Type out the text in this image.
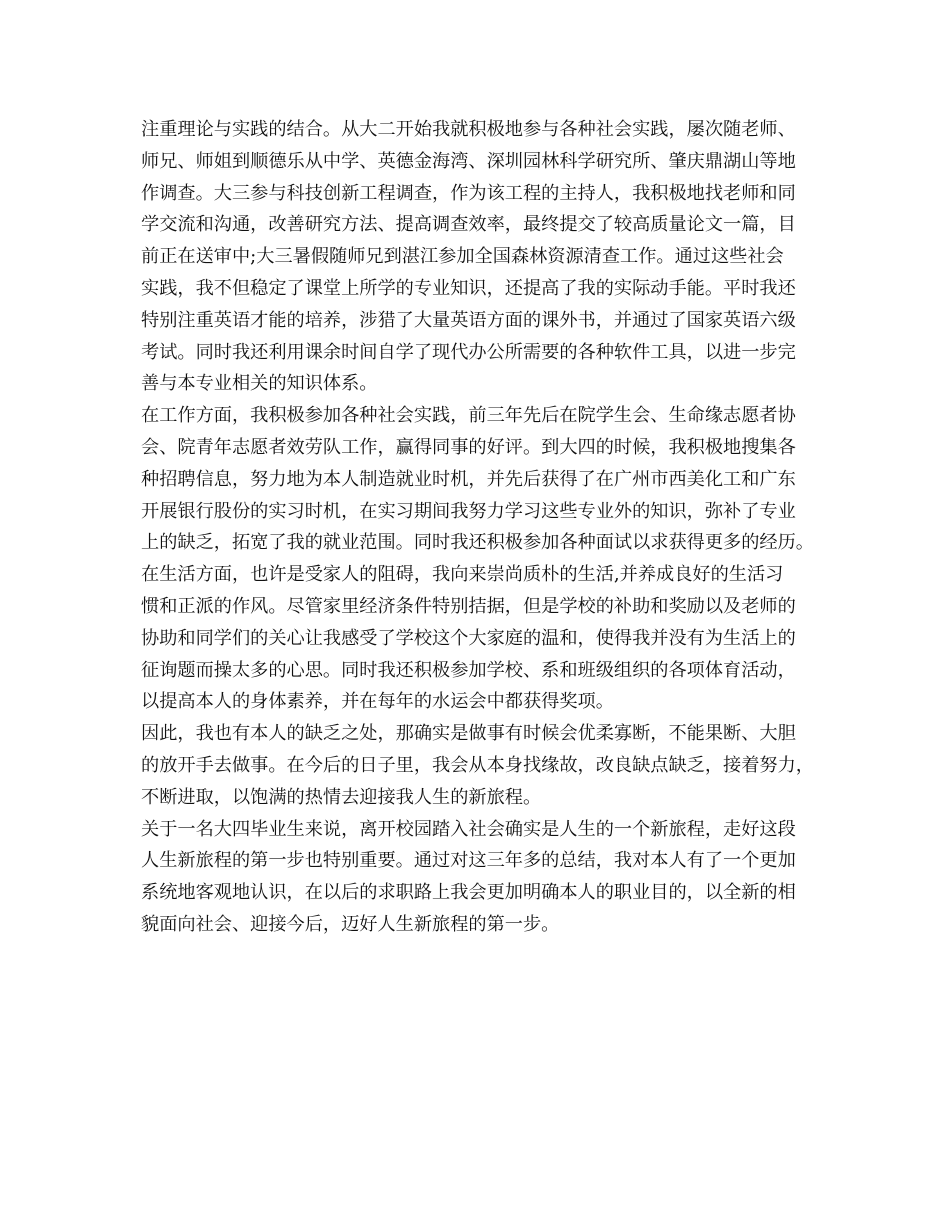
注重理论与实践的结合。从大二开始我就积极地参与各种社会实践，屡次随老师、
师兄、师姐到顺德乐从中学、英德金海湾、深圳园林科学研究所、肇庆鼎湖山等地
作调查。大三参与科技创新工程调查，作为该工程的主持人，我积极地找老师和同
学交流和沟通，改善研究方法、提高调查效率，最终提交了较高质量论文一篇，目
前正在送审中;大三暑假随师兄到湛江参加全国森林资源清查工作。通过这些社会
实践，我不但稳定了课堂上所学的专业知识，还提高了我的实际动手能。平时我还
特别注重英语才能的培养，涉猎了大量英语方面的课外书，并通过了国家英语六级
考试。同时我还利用课余时间自学了现代办公所需要的各种软件工具，以进一步完
善与本专业相关的知识体系。
在工作方面，我积极参加各种社会实践，前三年先后在院学生会、生命缘志愿者协
会、院青年志愿者效劳队工作，赢得同事的好评。到大四的时候，我积极地搜集各
种招聘信息，努力地为本人制造就业时机，并先后获得了在广州市西美化工和广东
开展银行股份的实习时机，在实习期间我努力学习这些专业外的知识，弥补了专业
上的缺乏，拓宽了我的就业范围。同时我还积极参加各种面试以求获得更多的经历。
在生活方面，也许是受家人的阻碍，我向来崇尚质朴的生活,并养成良好的生活习
惯和正派的作风。尽管家里经济条件特别拮据，但是学校的补助和奖励以及老师的
协助和同学们的关心让我感受了学校这个大家庭的温和，使得我并没有为生活上的
征询题而操太多的心思。同时我还积极参加学校、系和班级组织的各项体育活动，
以提高本人的身体素养，并在每年的水运会中都获得奖项。
因此，我也有本人的缺乏之处，那确实是做事有时候会优柔寡断，不能果断、大胆
的放开手去做事。在今后的日子里，我会从本身找缘故，改良缺点缺乏，接着努力，
不断进取，以饱满的热情去迎接我人生的新旅程。
关于一名大四毕业生来说，离开校园踏入社会确实是人生的一个新旅程，走好这段
人生新旅程的第一步也特别重要。通过对这三年多的总结，我对本人有了一个更加
系统地客观地认识，在以后的求职路上我会更加明确本人的职业目的，以全新的相
貌面向社会、迎接今后，迈好人生新旅程的第一步。
